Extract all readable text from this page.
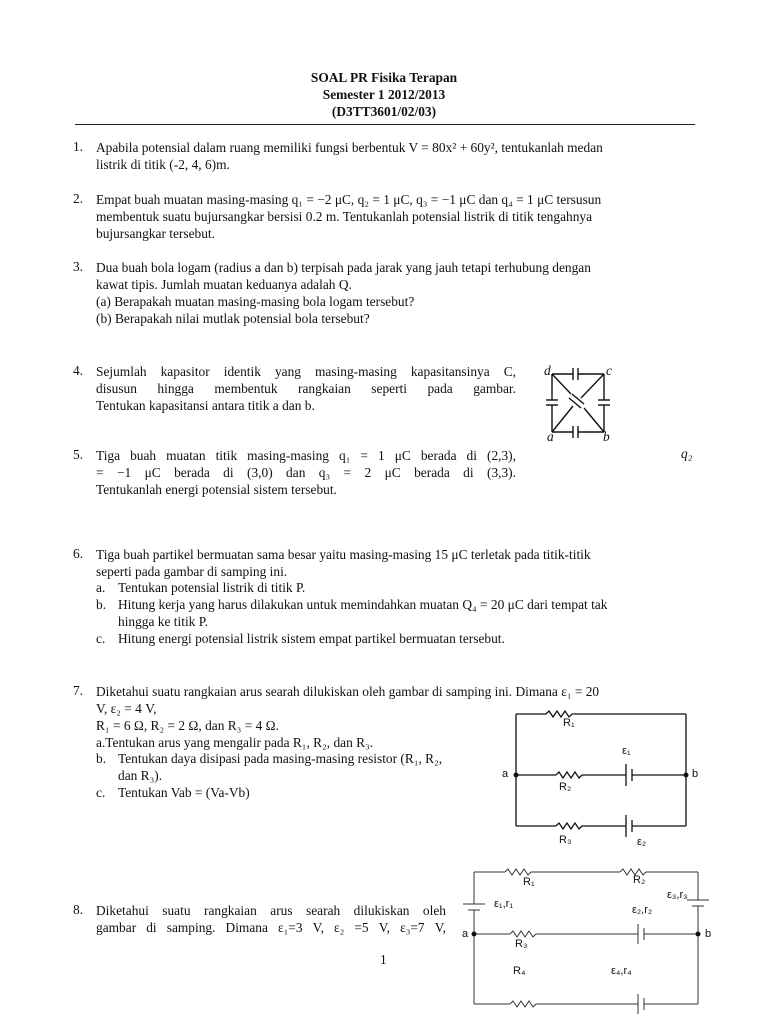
SOAL PR Fisika Terapan
Semester 1 2012/2013
(D3TT3601/02/03)
1. Apabila potensial dalam ruang memiliki fungsi berbentuk V = 80x² + 60y², tentukanlah medan
listrik di titik (-2, 4, 6)m.
2. Empat buah muatan masing-masing q₁ = −2 μC, q₂ = 1 μC, q₃ = −1 μC dan q₄ = 1 μC tersusun
membentuk suatu bujursangkar bersisi 0.2 m. Tentukanlah potensial listrik di titik tengahnya
bujursangkar tersebut.
3. Dua buah bola logam (radius a dan b) terpisah pada jarak yang jauh tetapi terhubung dengan
kawat tipis. Jumlah muatan keduanya adalah Q.
(a) Berapakah muatan masing-masing bola logam tersebut?
(b) Berapakah nilai mutlak potensial bola tersebut?
4. Sejumlah kapasitor identik yang masing-masing kapasitansinya C,
disusun hingga membentuk rangkaian seperti pada gambar.
Tentukan kapasitansi antara titik a dan b.
d	c
a	b
5. Tiga buah muatan titik masing-masing q₁ = 1 μC berada di (2,3),
= −1 μC berada di (3,0) dan q₃ = 2 μC berada di (3,3).
Tentukanlah energi potensial sistem tersebut.
q₂
6. Tiga buah partikel bermuatan sama besar yaitu masing-masing 15 μC terletak pada titik-titik
seperti pada gambar di samping ini.
a. Tentukan potensial listrik di titik P.
b. Hitung kerja yang harus dilakukan untuk memindahkan muatan Q₄ = 20 μC dari tempat tak
hingga ke titik P.
c. Hitung energi potensial listrik sistem empat partikel bermuatan tersebut.
7. Diketahui suatu rangkaian arus searah dilukiskan oleh gambar di samping ini. Dimana ε₁ = 20
V, ε₂ = 4 V,
R₁ = 6 Ω, R₂ = 2 Ω, dan R₃ = 4 Ω.
a.Tentukan arus yang mengalir pada R₁, R₂, dan R₃.
b. Tentukan daya disipasi pada masing-masing resistor (R₁, R₂,
dan R₃).
c. Tentukan Vab = (Va-Vb)
R₁
ε₁
a	b
R₂
R₃	ε₂
8. Diketahui suatu rangkaian arus searah dilukiskan oleh
gambar di samping. Dimana ε₁=3 V, ε₂ =5 V, ε₃=7 V,
R₁	R₂
ε₃,r₃
ε₁,r₁	ε₂,r₂
a	b
R₃
R₄	ε₄,r₄
1
